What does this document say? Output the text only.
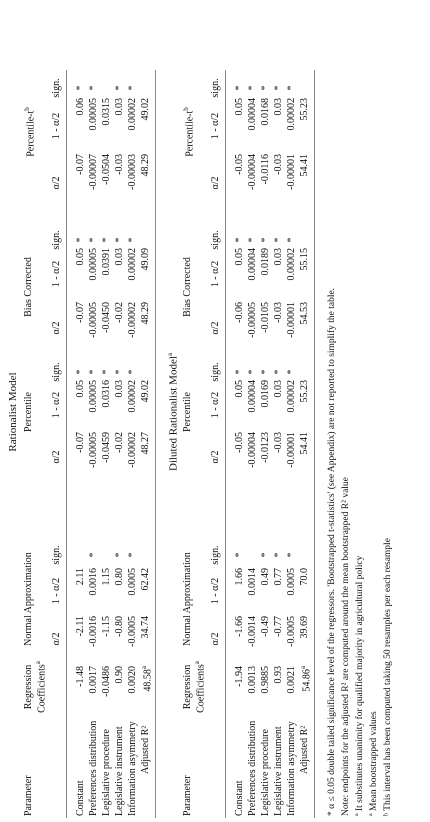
Rationalist Model
Parameter
Regression Coefficients$^a$
Normal Approximation
Percentile
Bias Corrected
Percentile-$t^b$
α/2
1 - α/2
sign.
α/2
1 - α/2
sign.
α/2
1 - α/2
sign.
α/2
1 - α/2
sign.
Constant
-1.48
-2.11
2.11
-0.07
0.05
*
-0.07
0.05
*
-0.07
0.06
*
Preferences distribution
0.0017
-0.0016
0.0016
*
-0.00005
0.00005
*
-0.00005
0.00005
*
-0.00007
0.00005
*
Legislative procedure
-0.0486
-1.15
1.15
-0.0459
0.0316
*
-0.0450
0.0391
*
-0.0504
0.0315
Legislative instrument
0.90
-0.80
0.80
*
-0.02
0.03
*
-0.02
0.03
*
-0.03
0.03
*
Information asymmetry
0.0020
-0.0005
0.0005
*
-0.00002
0.00002
*
-0.00002
0.00002
*
-0.00003
0.00002
*
Adjusted R²
48.58$^a$
34.74
62.42
48.27
49.02
48.29
49.09
48.29
49.02
Diluted Rationalist Model$^a$
Parameter
Regression Coefficients$^a$
Normal Approximation
Percentile
Bias Corrected
Percentile-$t^b$
α/2
1 - α/2
sign.
α/2
1 - α/2
sign.
α/2
1 - α/2
sign.
α/2
1 - α/2
sign.
Constant
-1.94
-1.66
1.66
*
-0.05
0.05
*
-0.06
0.05
*
-0.05
0.05
*
Preferences distribution
0.0013
-0.0014
0.0014
-0.00004
0.00004
*
-0.00005
0.00004
*
-0.00004
0.00004
*
Legislative procedure
0.9885
-0.49
0.49
*
-0.0123
0.0169
*
-0.0105
0.0189
*
-0.0116
0.0168
*
Legislative instrument
0.93
-0.77
0.77
*
-0.03
0.03
*
-0.03
0.03
*
-0.03
0.03
*
Information asymmetry
0.0021
-0.0005
0.0005
*
-0.00001
0.00002
*
-0.00001
0.00002
*
-0.00001
0.00002
*
Adjusted R²
54.86$^a$
39.69
70.0
54.41
55.23
54.53
55.15
54.41
55.23
* α ≤ 0.05 double tailed significance level of the regressors. 'Bootstrapped t-statistics' (see Appendix) are not reported to simplify the table. Note: endpoints for the adjusted R² are computed around the mean bootstrapped R² value ª It substitutes unanimity for qualified majority in agricultural policy ª Mean bootstrapped values ᵇ This interval has been computed taking 50 resamples per each resample
